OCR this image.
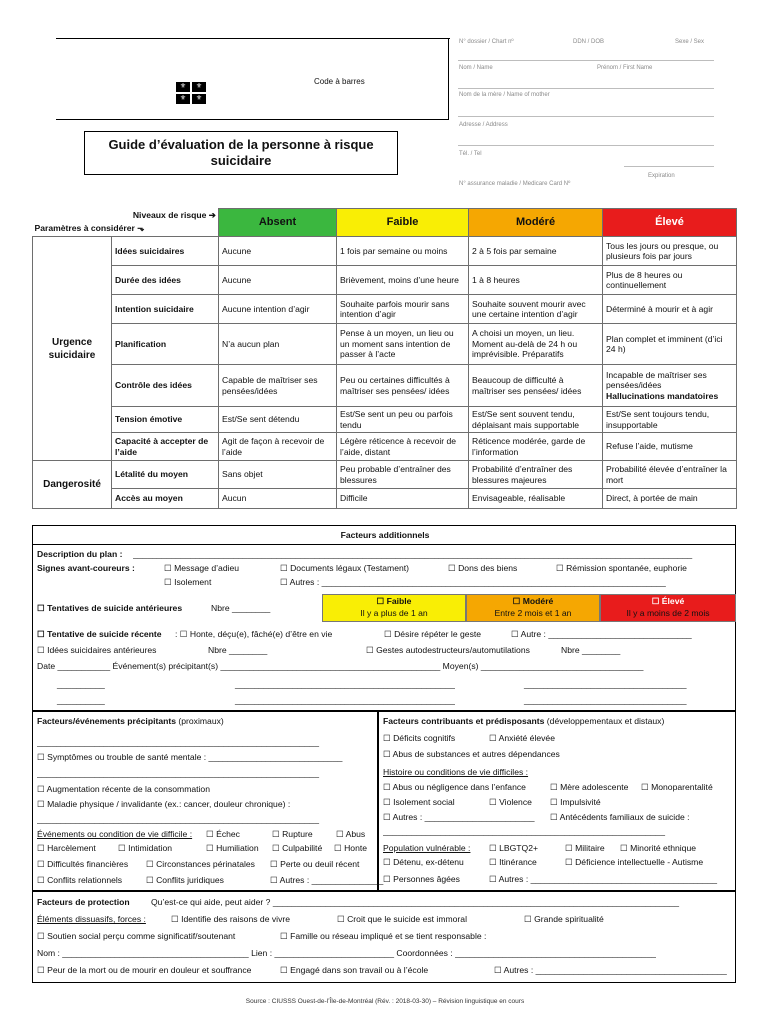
⚜	⚜
⚜	⚜
Code à barres
N° dossier / Chart nº	DDN / DOB	Sexe / Sex
Nom / Name	Prénom / First Name
Nom de la mère / Name of mother
Adresse / Address
Tél. / Tel
Expiration
N° assurance maladie / Medicare Card Nº
Guide d’évaluation de la personne à risque suicidaire
Niveaux de risque ➔
Paramètres à considérer ⬎		Absent	Faible	Modéré	Élevé
Urgence suicidaire	Idées suicidaires	Aucune	1 fois par semaine ou moins	2 à 5 fois par semaine	Tous les jours ou presque, ou plusieurs fois par jours
	Durée des idées	Aucune	Brièvement, moins d’une heure	1 à 8 heures	Plus de 8 heures ou continuellement
	Intention suicidaire	Aucune intention d’agir	Souhaite parfois mourir sans intention d’agir	Souhaite souvent mourir avec une certaine intention d’agir	Déterminé à mourir et à agir
	Planification	N’a aucun plan	Pense à un moyen, un lieu ou un moment sans intention de passer à l’acte	A choisi un moyen, un lieu. Moment au-delà de 24 h ou imprévisible. Préparatifs	Plan complet et imminent (d’ici 24 h)
	Contrôle des idées	Capable de maîtriser ses pensées/idées	Peu ou certaines difficultés à maîtriser ses pensées/ idées	Beaucoup de difficulté à maîtriser ses pensées/ idées	Incapable de maîtriser ses pensées/idées
Hallucinations mandatoires

	Tension émotive	Est/Se sent détendu	Est/Se sent un peu ou parfois tendu	Est/Se sent souvent tendu, déplaisant mais supportable	Est/Se sent toujours tendu, insupportable
	Capacité à accepter de l’aide	Agit de façon à recevoir de l’aide	Légère réticence à recevoir de l’aide, distant	Réticence modérée, garde de l’information	Refuse l’aide, mutisme
Dangerosité	Létalité du moyen	Sans objet	Peu probable d’entraîner des blessures	Probabilité d’entraîner des blessures majeures	Probabilité élevée d’entraîner la mort
	Accès au moyen	Aucun	Difficile	Envisageable, réalisable	Direct, à portée de main
Facteurs additionnels
Description du plan : _____________________________________________________________________________________________________________________
Signes avant-coureurs :	☐ Message d’adieu	☐ Documents légaux (Testament)	☐ Dons des biens	☐ Rémission spontanée, euphorie
☐ Isolement	☐ Autres : ________________________________________________________________________
☐ Tentatives de suicide antérieures	Nbre ________
☐ Faible
Il y a plus de 1 an
☐ Modéré
Entre 2 mois et 1 an
☐ Élevé
Il y a moins de 2 mois
☐ Tentative de suicide récente : ☐ Honte, déçu(e), fâché(e) d’être en vie	☐ Désire répéter le geste	☐ Autre : ______________________________
☐ Idées suicidaires antérieures	Nbre ________	☐ Gestes autodestructeurs/automutilations	Nbre ________
Date ___________ Événement(s) précipitant(s) ______________________________________________ Moyen(s) __________________________________
__________	______________________________________________	__________________________________
__________	______________________________________________	__________________________________
Facteurs/événements précipitants (proximaux)
___________________________________________________________
☐ Symptômes ou trouble de santé mentale : ____________________________
___________________________________________________________
☐ Augmentation récente de la consommation
☐ Maladie physique / invalidante (ex.: cancer, douleur chronique) :
___________________________________________________________
Événements ou condition de vie difficile : ☐ Échec	☐ Rupture	☐ Abus
☐ Harcèlement	☐ Intimidation	☐ Humiliation ☐ Culpabilité ☐ Honte
☐ Difficultés financières ☐ Circonstances périnatales ☐ Perte ou deuil récent
☐ Conflits relationnels	☐ Conflits juridiques	☐ Autres : _______________
Facteurs contribuants et prédisposants (développementaux et distaux)
☐ Déficits cognitifs	☐ Anxiété élevée
☐ Abus de substances et autres dépendances
Histoire ou conditions de vie difficiles :
☐ Abus ou négligence dans l’enfance	☐ Mère adolescente ☐ Monoparentalité
☐ Isolement social	☐ Violence ☐ Impulsivité
☐ Autres : _______________________ ☐ Antécédents familiaux de suicide :
___________________________________________________________
Population vulnérable : ☐ LBGTQ2+	☐ Militaire ☐ Minorité ethnique
☐ Détenu, ex-détenu	☐ Itinérance	☐ Déficience intellectuelle - Autisme
☐ Personnes âgées	☐ Autres : _______________________________________
Facteurs de protection Qu’est-ce qui aide, peut aider ? _____________________________________________________________________________________
Éléments dissuasifs, forces :	☐ Identifie des raisons de vivre	☐ Croit que le suicide est immoral	☐ Grande spiritualité
☐ Soutien social perçu comme significatif/soutenant	☐ Famille ou réseau impliqué et se tient responsable :
Nom : _______________________________________ Lien : _________________________ Coordonnées : __________________________________________
☐ Peur de la mort ou de mourir en douleur et souffrance	☐ Engagé dans son travail ou à l’école	☐ Autres : ________________________________________
Source : CIUSSS Ouest-de-l’Île-de-Montréal (Rév. : 2018-03-30) – Révision linguistique en cours
